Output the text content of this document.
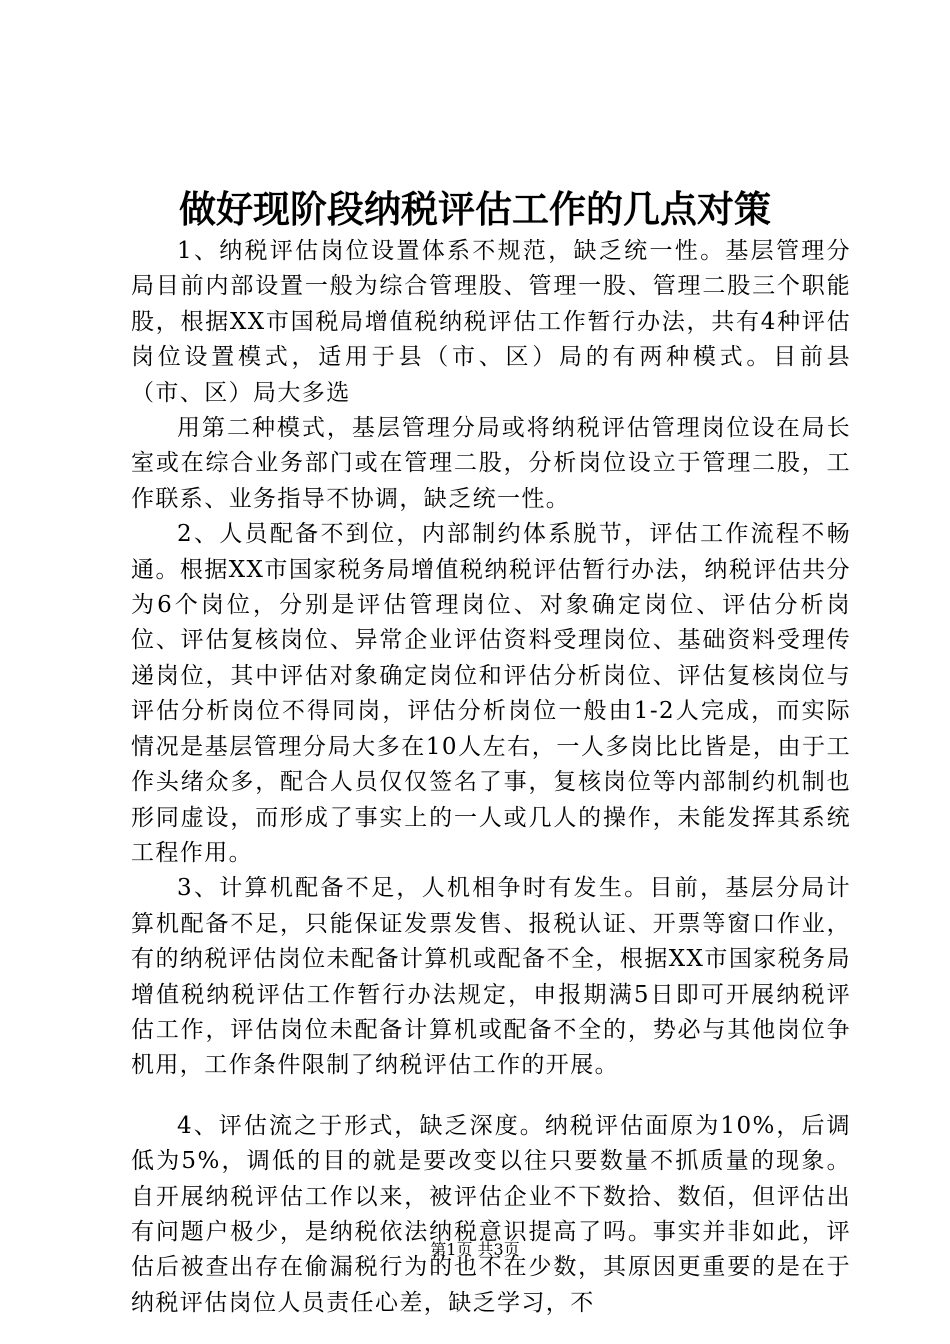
做好现阶段纳税评估工作的几点对策

1、纳税评估岗位设置体系不规范，缺乏统一性。基层管理分局目前内部设置一般为综合管理股、管理一股、管理二股三个职能股，根据XX市国税局增值税纳税评估工作暂行办法，共有4种评估岗位设置模式，适用于县（市、区）局的有两种模式。目前县（市、区）局大多选

用第二种模式，基层管理分局或将纳税评估管理岗位设在局长室或在综合业务部门或在管理二股，分析岗位设立于管理二股，工作联系、业务指导不协调，缺乏统一性。

2、人员配备不到位，内部制约体系脱节，评估工作流程不畅通。根据XX市国家税务局增值税纳税评估暂行办法，纳税评估共分为6个岗位，分别是评估管理岗位、对象确定岗位、评估分析岗位、评估复核岗位、异常企业评估资料受理岗位、基础资料受理传递岗位，其中评估对象确定岗位和评估分析岗位、评估复核岗位与评估分析岗位不得同岗，评估分析岗位一般由1-2人完成，而实际情况是基层管理分局大多在10人左右，一人多岗比比皆是，由于工作头绪众多，配合人员仅仅签名了事，复核岗位等内部制约机制也形同虚设，而形成了事实上的一人或几人的操作，未能发挥其系统工程作用。

3、计算机配备不足，人机相争时有发生。目前，基层分局计算机配备不足，只能保证发票发售、报税认证、开票等窗口作业，有的纳税评估岗位未配备计算机或配备不全，根据XX市国家税务局增值税纳税评估工作暂行办法规定，申报期满5日即可开展纳税评估工作，评估岗位未配备计算机或配备不全的，势必与其他岗位争机用，工作条件限制了纳税评估工作的开展。

4、评估流之于形式，缺乏深度。纳税评估面原为10%，后调低为5%，调低的目的就是要改变以往只要数量不抓质量的现象。自开展纳税评估工作以来，被评估企业不下数拾、数佰，但评估出有问题户极少，是纳税依法纳税意识提高了吗。事实并非如此，评估后被查出存在偷漏税行为的也不在少数，其原因更重要的是在于纳税评估岗位人员责任心差，缺乏学习，不

第1页 共3页
